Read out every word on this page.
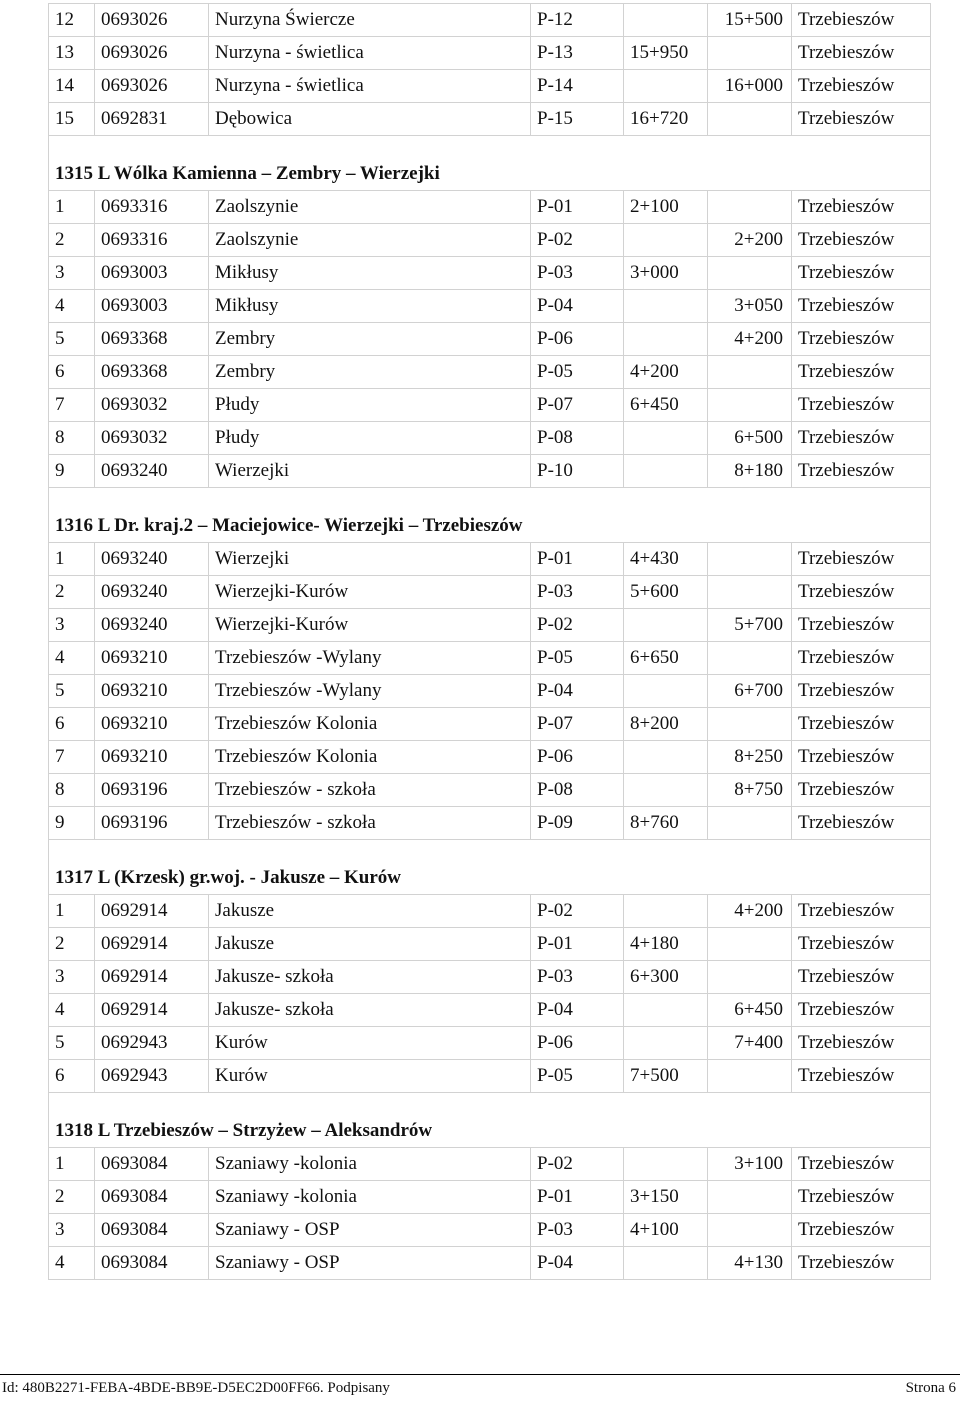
12	0693026	Nurzyna Świercze	P-12		15+500	Trzebieszów
13	0693026	Nurzyna - świetlica	P-13	15+950		Trzebieszów
14	0693026	Nurzyna - świetlica	P-14		16+000	Trzebieszów
15	0692831	Dębowica	P-15	16+720		Trzebieszów

1315 L Wólka Kamienna – Zembry – Wierzejki						
1	0693316	Zaolszynie	P-01	2+100		Trzebieszów
2	0693316	Zaolszynie	P-02		2+200	Trzebieszów
3	0693003	Mikłusy	P-03	3+000		Trzebieszów
4	0693003	Mikłusy	P-04		3+050	Trzebieszów
5	0693368	Zembry	P-06		4+200	Trzebieszów
6	0693368	Zembry	P-05	4+200		Trzebieszów
7	0693032	Płudy	P-07	6+450		Trzebieszów
8	0693032	Płudy	P-08		6+500	Trzebieszów
9	0693240	Wierzejki	P-10		8+180	Trzebieszów

1316 L Dr. kraj.2 – Maciejowice- Wierzejki – Trzebieszów						
1	0693240	Wierzejki	P-01	4+430		Trzebieszów
2	0693240	Wierzejki-Kurów	P-03	5+600		Trzebieszów
3	0693240	Wierzejki-Kurów	P-02		5+700	Trzebieszów
4	0693210	Trzebieszów -Wylany	P-05	6+650		Trzebieszów
5	0693210	Trzebieszów -Wylany	P-04		6+700	Trzebieszów
6	0693210	Trzebieszów Kolonia	P-07	8+200		Trzebieszów
7	0693210	Trzebieszów Kolonia	P-06		8+250	Trzebieszów
8	0693196	Trzebieszów - szkoła	P-08		8+750	Trzebieszów
9	0693196	Trzebieszów - szkoła	P-09	8+760		Trzebieszów

1317 L (Krzesk) gr.woj. - Jakusze – Kurów						
1	0692914	Jakusze	P-02		4+200	Trzebieszów
2	0692914	Jakusze	P-01	4+180		Trzebieszów
3	0692914	Jakusze- szkoła	P-03	6+300		Trzebieszów
4	0692914	Jakusze- szkoła	P-04		6+450	Trzebieszów
5	0692943	Kurów	P-06		7+400	Trzebieszów
6	0692943	Kurów	P-05	7+500		Trzebieszów

1318 L Trzebieszów – Strzyżew – Aleksandrów						
1	0693084	Szaniawy -kolonia	P-02		3+100	Trzebieszów
2	0693084	Szaniawy -kolonia	P-01	3+150		Trzebieszów
3	0693084	Szaniawy - OSP	P-03	4+100		Trzebieszów
4	0693084	Szaniawy - OSP	P-04		4+130	Trzebieszów
Id: 480B2271-FEBA-4BDE-BB9E-D5EC2D00FF66. Podpisany	Strona 6
